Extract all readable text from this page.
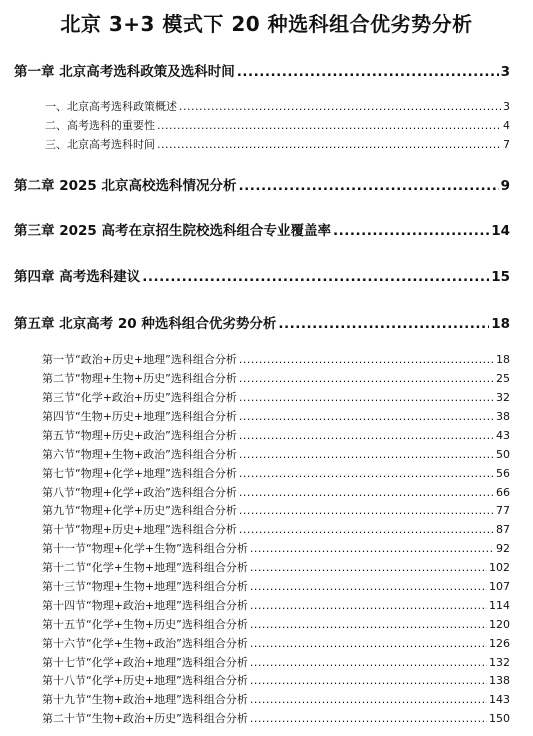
北京 3+3 模式下 20 种选科组合优劣势分析
第一章 北京高考选科政策及选科时间 .....	3
一、北京高考选科政策概述 .....	3
二、高考选科的重要性 .....	4
三、北京高考选科时间 .....	7
第二章 2025 北京高校选科情况分析 .....	9
第三章 2025 高考在京招生院校选科组合专业覆盖率 .....	14
第四章 高考选科建议 .....	15
第五章 北京高考 20 种选科组合优劣势分析 .....	18
第一节“政治+历史+地理”选科组合分析 .....	18
第二节“物理+生物+历史”选科组合分析 .....	25
第三节“化学+政治+历史”选科组合分析 .....	32
第四节“生物+历史+地理”选科组合分析 .....	38
第五节“物理+历史+政治”选科组合分析 .....	43
第六节“物理+生物+政治”选科组合分析 .....	50
第七节“物理+化学+地理”选科组合分析 .....	56
第八节“物理+化学+政治”选科组合分析 .....	66
第九节“物理+化学+历史”选科组合分析 .....	77
第十节“物理+历史+地理”选科组合分析 .....	87
第十一节“物理+化学+生物”选科组合分析 .....	92
第十二节“化学+生物+地理”选科组合分析 .....	102
第十三节“物理+生物+地理”选科组合分析 .....	107
第十四节“物理+政治+地理”选科组合分析 .....	114
第十五节“化学+生物+历史”选科组合分析 .....	120
第十六节“化学+生物+政治”选科组合分析 .....	126
第十七节“化学+政治+地理”选科组合分析 .....	132
第十八节“化学+历史+地理”选科组合分析 .....	138
第十九节“生物+政治+地理”选科组合分析 .....	143
第二十节“生物+政治+历史”选科组合分析 .....	150
